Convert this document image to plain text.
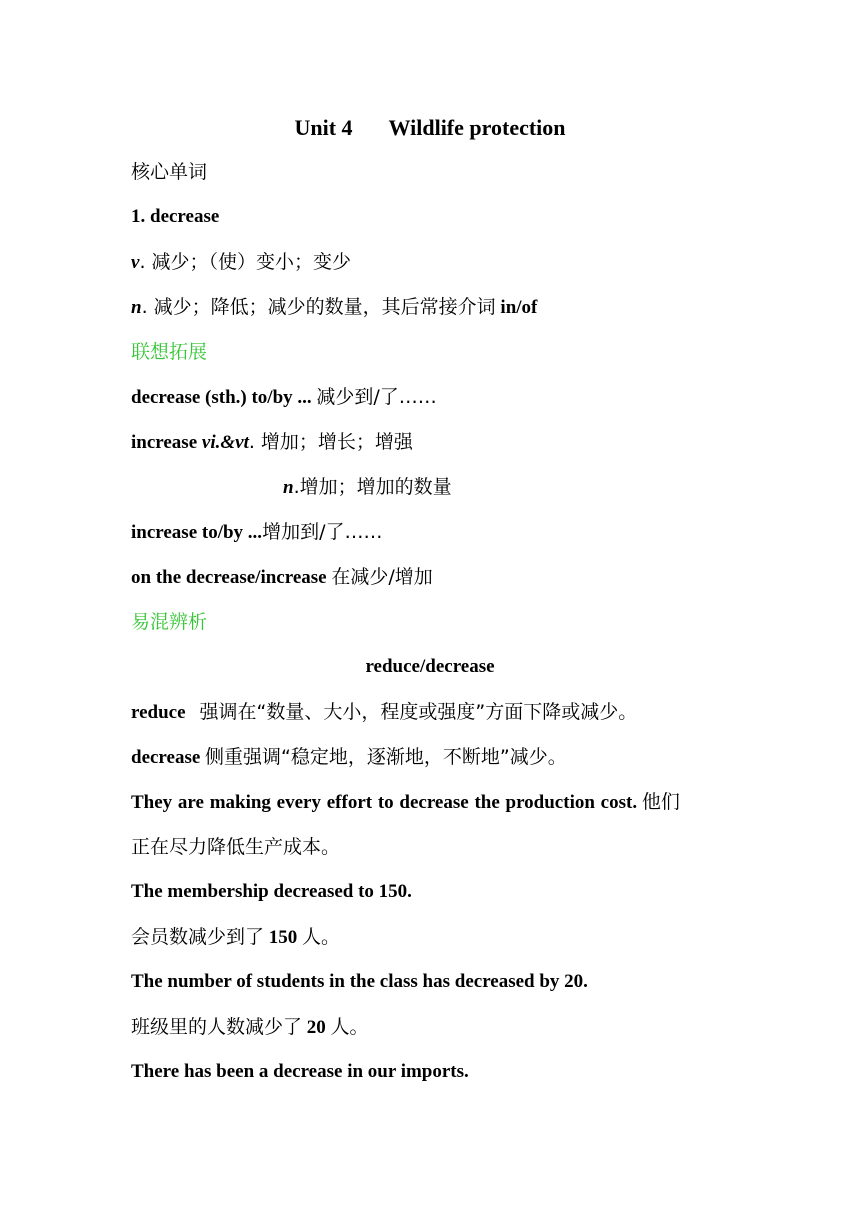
Unit 4 Wildlife protection
核心单词
1. decrease
v. 减少；（使）变小；变少
n. 减少；降低；减少的数量，其后常接介词 in/of
联想拓展
decrease (sth.) to/by ... 减少到/了……
increase vi.&vt. 增加；增长；增强
n.增加；增加的数量
increase to/by ...增加到/了……
on the decrease/increase 在减少/增加
易混辨析
reduce/decrease
reduce 强调在“数量、大小，程度或强度”方面下降或减少。
decrease 侧重强调“稳定地，逐渐地，不断地”减少。
They are making every effort to decrease the production cost. 他们
正在尽力降低生产成本。
The membership decreased to 150.
会员数减少到了 150 人。
The number of students in the class has decreased by 20.
班级里的人数减少了 20 人。
There has been a decrease in our imports.
